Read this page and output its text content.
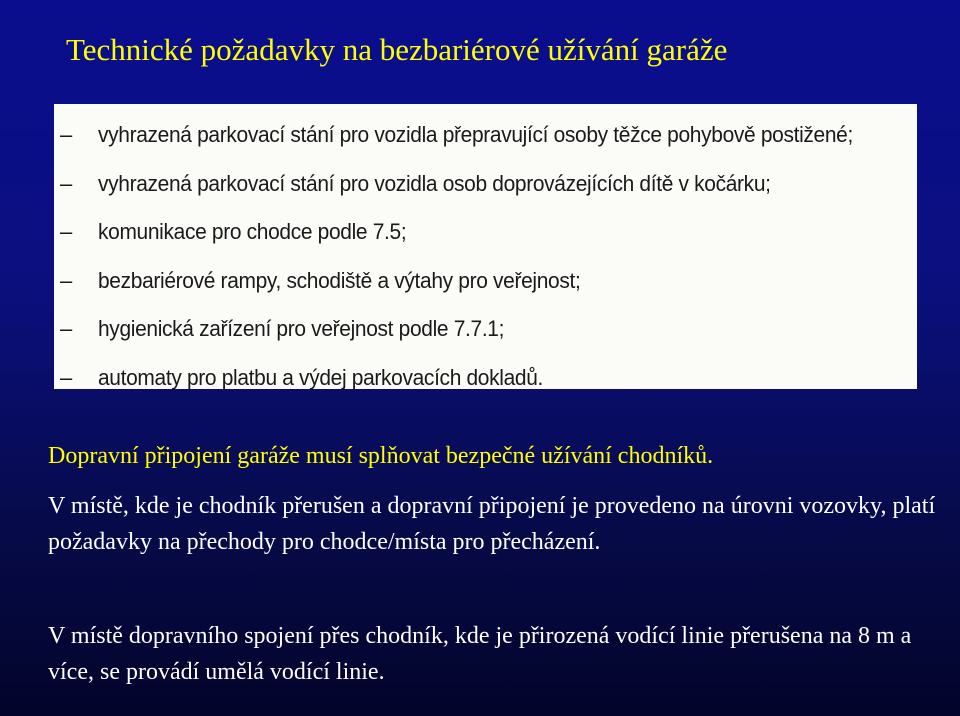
Technické požadavky na bezbariérové užívání garáže
–	vyhrazená parkovací stání pro vozidla přepravující osoby těžce pohybově postižené;
–	vyhrazená parkovací stání pro vozidla osob doprovázejících dítě v kočárku;
–	komunikace pro chodce podle 7.5;
–	bezbariérové rampy, schodiště a výtahy pro veřejnost;
–	hygienická zařízení pro veřejnost podle 7.7.1;
–	automaty pro platbu a výdej parkovacích dokladů.
Dopravní připojení garáže musí splňovat bezpečné užívání chodníků.
V místě, kde je chodník přerušen a dopravní připojení je provedeno na úrovni vozovky, platí požadavky na přechody pro chodce/místa pro přecházení.
V místě dopravního spojení přes chodník, kde je přirozená vodící linie přerušena na 8 m a více, se provádí umělá vodící linie.
